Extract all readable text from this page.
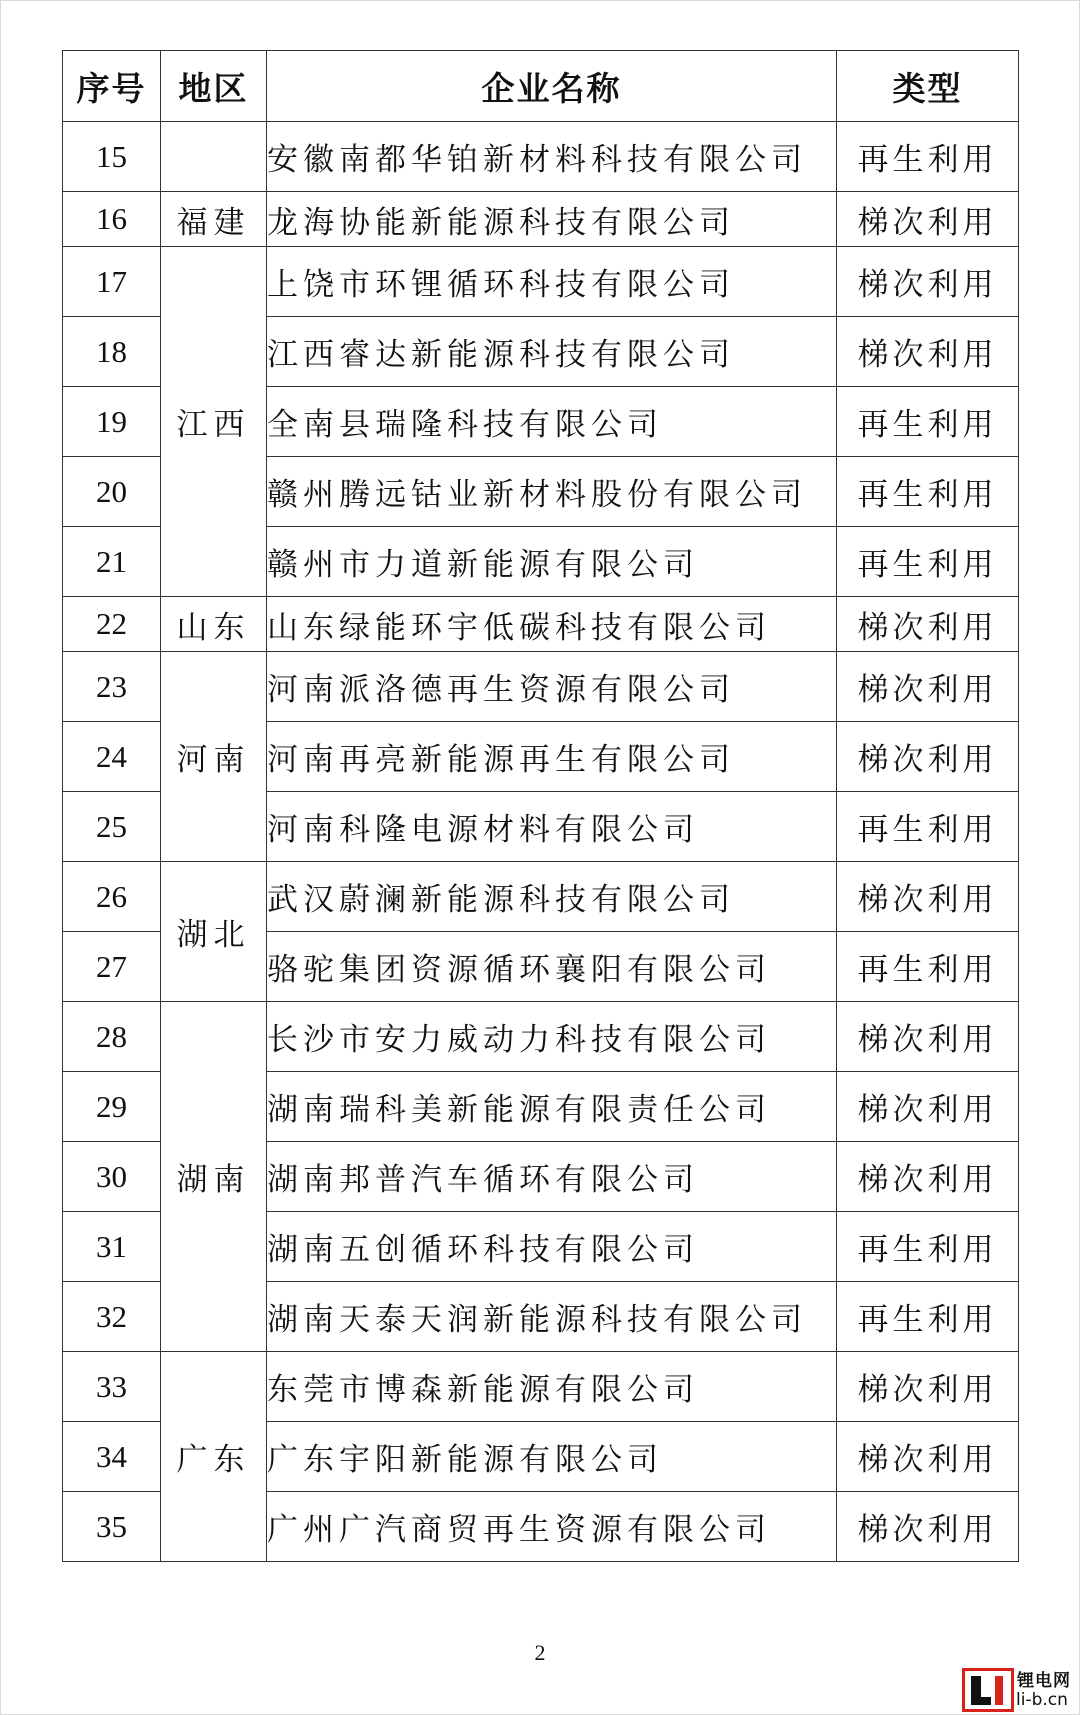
序号	地区	企业名称	类型
15		安徽南都华铂新材料科技有限公司	再生利用
16	福建	龙海协能新能源科技有限公司	梯次利用
17	江西	上饶市环锂循环科技有限公司	梯次利用
18		江西睿达新能源科技有限公司	梯次利用
19		全南县瑞隆科技有限公司	再生利用
20		赣州腾远钴业新材料股份有限公司	再生利用
21		赣州市力道新能源有限公司	再生利用
22	山东	山东绿能环宇低碳科技有限公司	梯次利用
23	河南	河南派洛德再生资源有限公司	梯次利用
24		河南再亮新能源再生有限公司	梯次利用
25		河南科隆电源材料有限公司	再生利用
26	湖北	武汉蔚澜新能源科技有限公司	梯次利用
27		骆驼集团资源循环襄阳有限公司	再生利用
28	湖南	长沙市安力威动力科技有限公司	梯次利用
29		湖南瑞科美新能源有限责任公司	梯次利用
30		湖南邦普汽车循环有限公司	梯次利用
31		湖南五创循环科技有限公司	再生利用
32		湖南天泰天润新能源科技有限公司	再生利用
33	广东	东莞市博森新能源有限公司	梯次利用
34		广东宇阳新能源有限公司	梯次利用
35		广州广汽商贸再生资源有限公司	梯次利用
2
锂电网
li-b.cn
